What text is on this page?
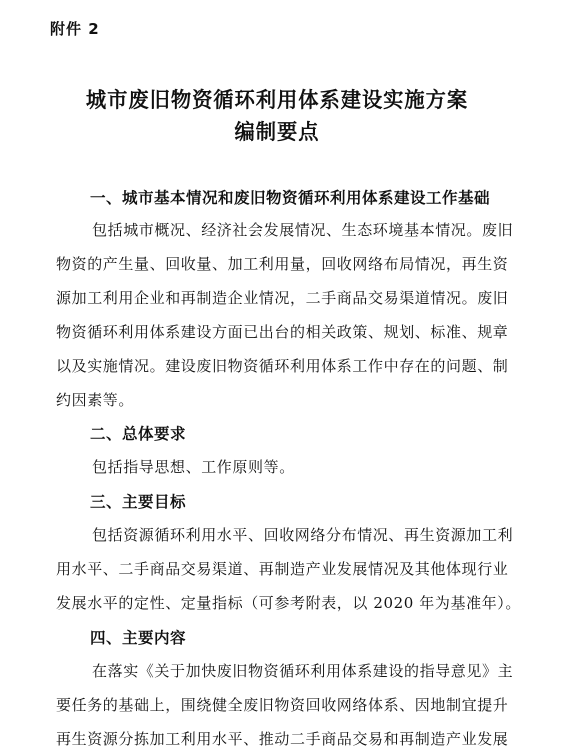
附件 2
城市废旧物资循环利用体系建设实施方案
编制要点
一、城市基本情况和废旧物资循环利用体系建设工作基础
包括城市概况、经济社会发展情况、生态环境基本情况。废旧
物资的产生量、回收量、加工利用量，回收网络布局情况，再生资
源加工利用企业和再制造企业情况，二手商品交易渠道情况。废旧
物资循环利用体系建设方面已出台的相关政策、规划、标准、规章
以及实施情况。建设废旧物资循环利用体系工作中存在的问题、制
约因素等。
二、总体要求
包括指导思想、工作原则等。
三、主要目标
包括资源循环利用水平、回收网络分布情况、再生资源加工利
用水平、二手商品交易渠道、再制造产业发展情况及其他体现行业
发展水平的定性、定量指标（可参考附表，以 2020 年为基准年）。
四、主要内容
在落实《关于加快废旧物资循环利用体系建设的指导意见》主
要任务的基础上，围绕健全废旧物资回收网络体系、因地制宜提升
再生资源分拣加工利用水平、推动二手商品交易和再制造产业发展
